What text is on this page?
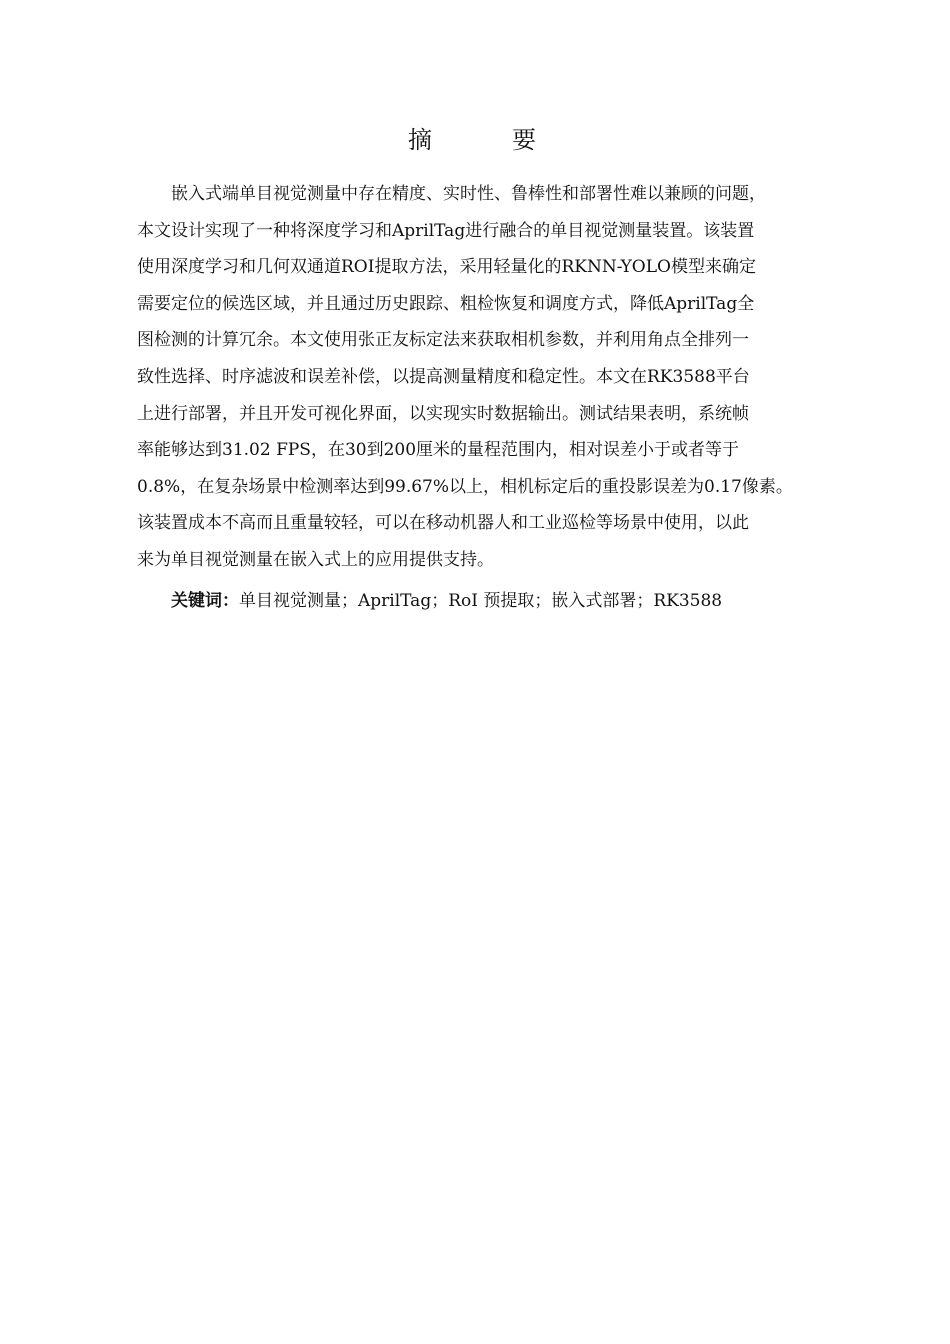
摘　要
嵌入式端单目视觉测量中存在精度、实时性、鲁棒性和部署性难以兼顾的问题，
本文设计实现了一种将深度学习和AprilTag进行融合的单目视觉测量装置。该装置
使用深度学习和几何双通道ROI提取方法，采用轻量化的RKNN-YOLO模型来确定
需要定位的候选区域，并且通过历史跟踪、粗检恢复和调度方式，降低AprilTag全
图检测的计算冗余。本文使用张正友标定法来获取相机参数，并利用角点全排列一
致性选择、时序滤波和误差补偿，以提高测量精度和稳定性。本文在RK3588平台
上进行部署，并且开发可视化界面，以实现实时数据输出。测试结果表明，系统帧
率能够达到31.02 FPS，在30到200厘米的量程范围内，相对误差小于或者等于
0.8%，在复杂场景中检测率达到99.67%以上，相机标定后的重投影误差为0.17像素。
该装置成本不高而且重量较轻，可以在移动机器人和工业巡检等场景中使用，以此
来为单目视觉测量在嵌入式上的应用提供支持。
关键词：单目视觉测量；AprilTag；RoI 预提取；嵌入式部署；RK3588
